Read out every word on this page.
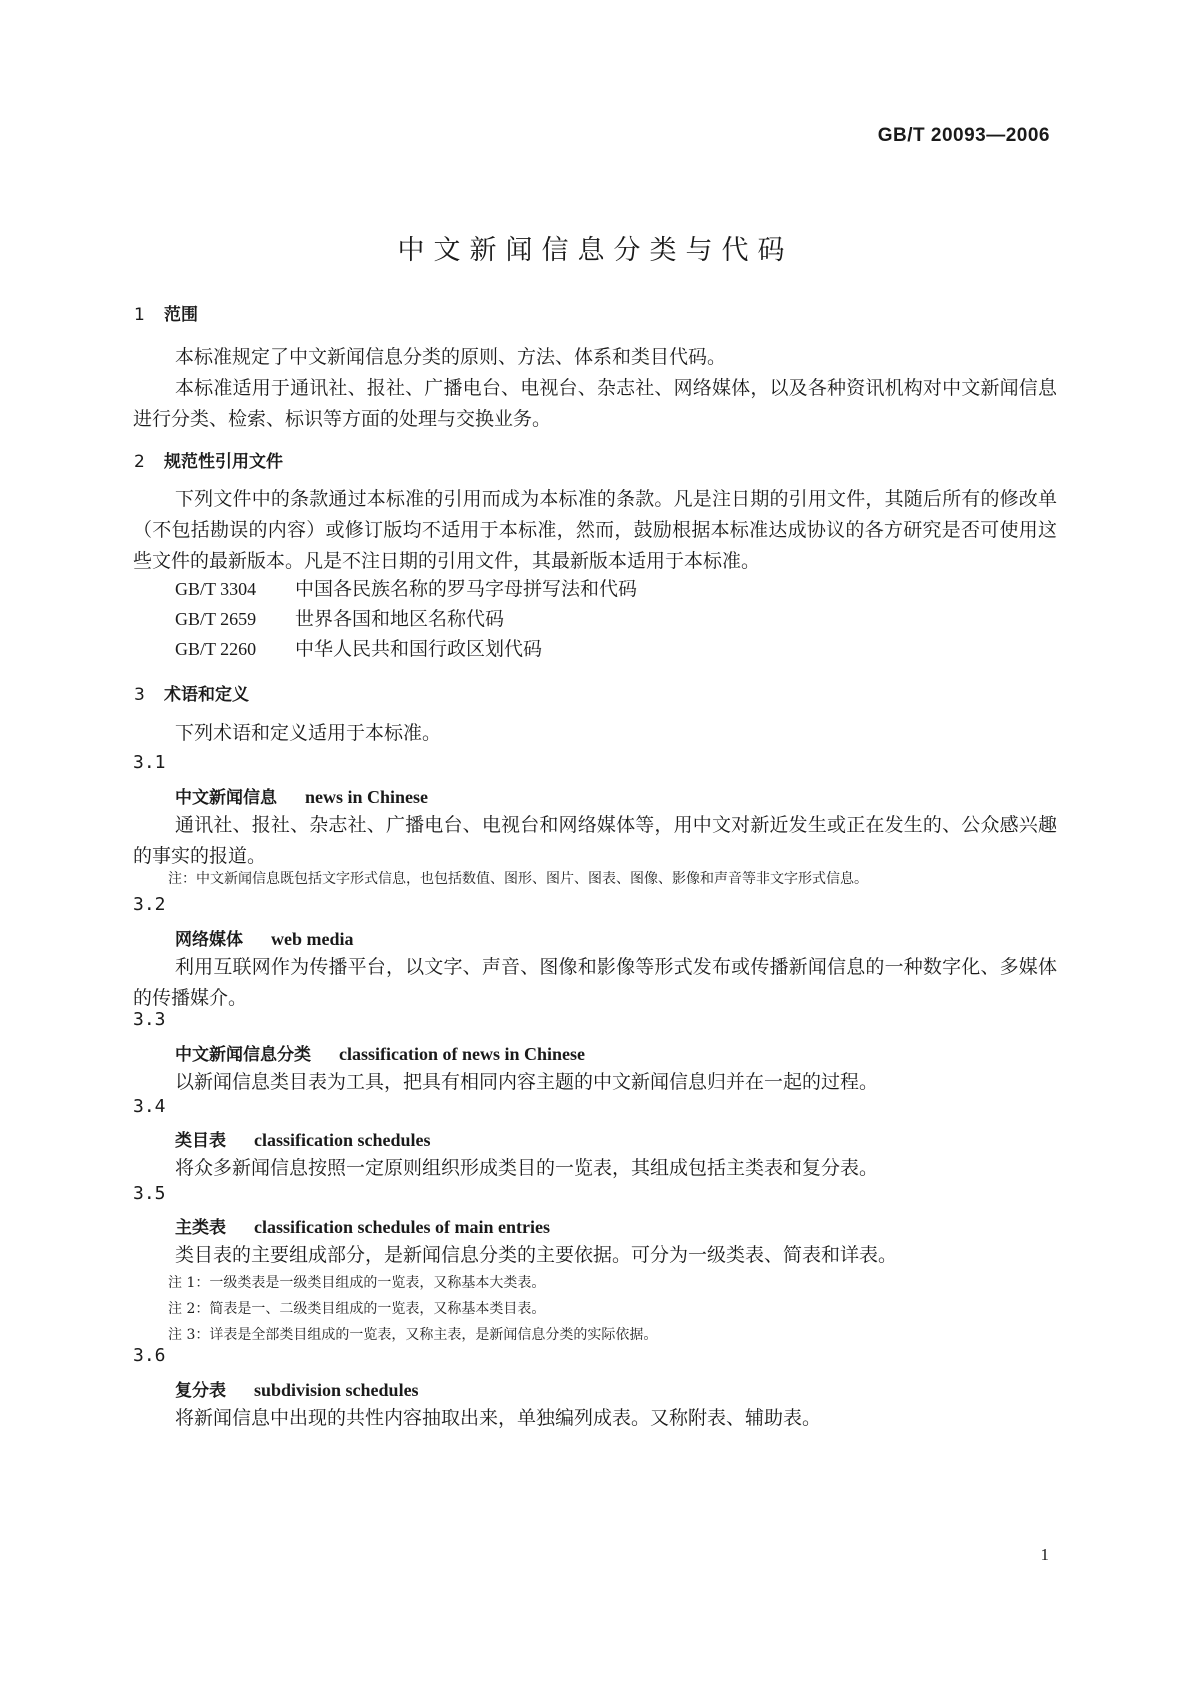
GB/T 20093—2006
中文新闻信息分类与代码
1 范围
本标准规定了中文新闻信息分类的原则、方法、体系和类目代码。
本标准适用于通讯社、报社、广播电台、电视台、杂志社、网络媒体，以及各种资讯机构对中文新闻信息进行分类、检索、标识等方面的处理与交换业务。
2 规范性引用文件
下列文件中的条款通过本标准的引用而成为本标准的条款。凡是注日期的引用文件，其随后所有的修改单（不包括勘误的内容）或修订版均不适用于本标准，然而，鼓励根据本标准达成协议的各方研究是否可使用这些文件的最新版本。凡是不注日期的引用文件，其最新版本适用于本标准。
GB/T 3304 中国各民族名称的罗马字母拼写法和代码
GB/T 2659 世界各国和地区名称代码
GB/T 2260 中华人民共和国行政区划代码
3 术语和定义
下列术语和定义适用于本标准。
3.1
中文新闻信息 news in Chinese
通讯社、报社、杂志社、广播电台、电视台和网络媒体等，用中文对新近发生或正在发生的、公众感兴趣的事实的报道。
注：中文新闻信息既包括文字形式信息，也包括数值、图形、图片、图表、图像、影像和声音等非文字形式信息。
3.2
网络媒体 web media
利用互联网作为传播平台，以文字、声音、图像和影像等形式发布或传播新闻信息的一种数字化、多媒体的传播媒介。
3.3
中文新闻信息分类 classification of news in Chinese
以新闻信息类目表为工具，把具有相同内容主题的中文新闻信息归并在一起的过程。
3.4
类目表 classification schedules
将众多新闻信息按照一定原则组织形成类目的一览表，其组成包括主类表和复分表。
3.5
主类表 classification schedules of main entries
类目表的主要组成部分，是新闻信息分类的主要依据。可分为一级类表、简表和详表。
注 1：一级类表是一级类目组成的一览表，又称基本大类表。
注 2：简表是一、二级类目组成的一览表，又称基本类目表。
注 3：详表是全部类目组成的一览表，又称主表，是新闻信息分类的实际依据。
3.6
复分表 subdivision schedules
将新闻信息中出现的共性内容抽取出来，单独编列成表。又称附表、辅助表。
1
